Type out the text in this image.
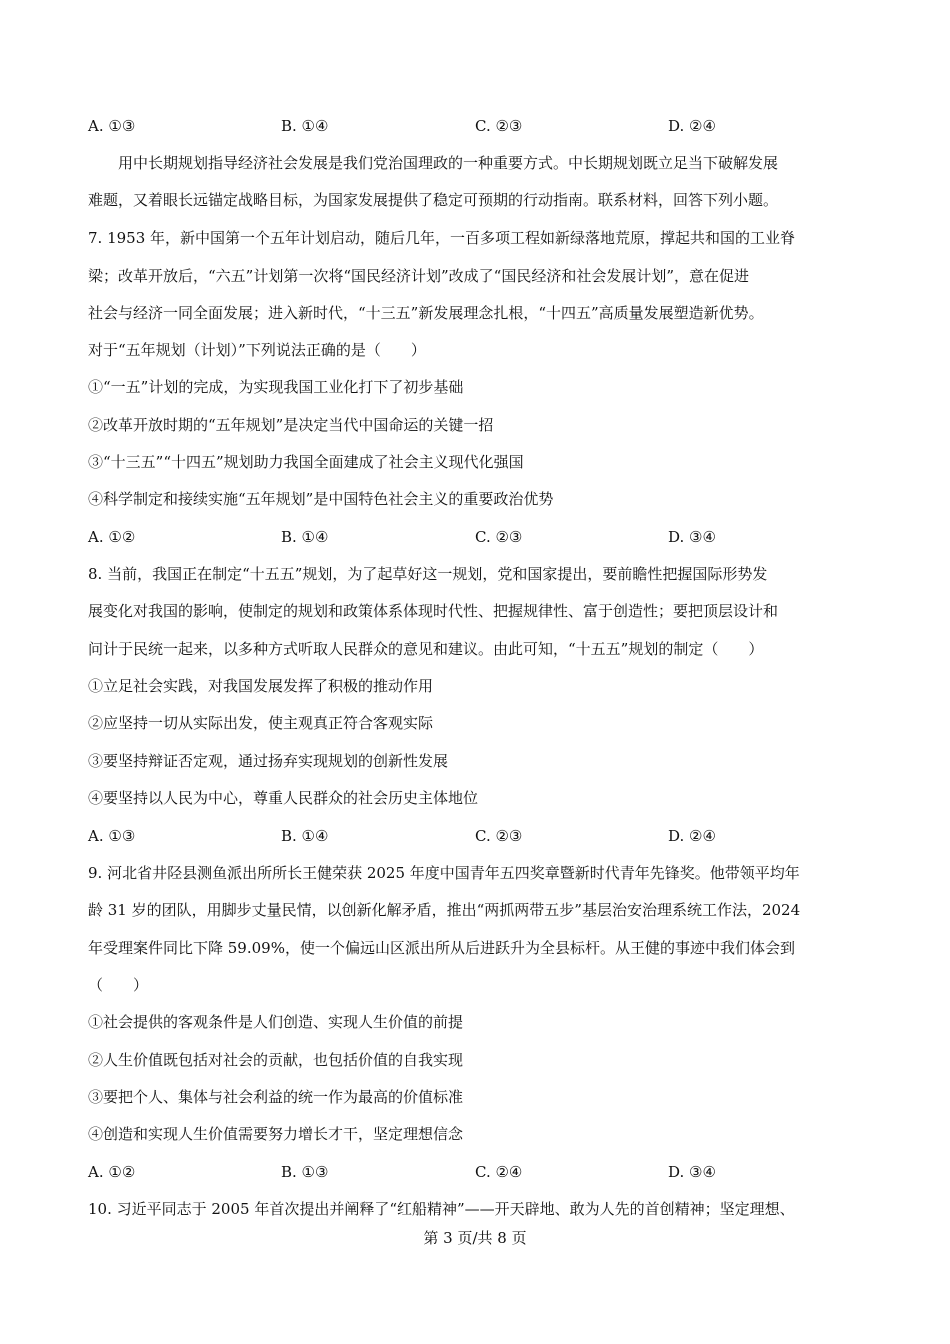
A. ①③	B. ①④	C. ②③	D. ②④
用中长期规划指导经济社会发展是我们党治国理政的一种重要方式。中长期规划既立足当下破解发展
难题，又着眼长远锚定战略目标，为国家发展提供了稳定可预期的行动指南。联系材料，回答下列小题。
7. 1953 年，新中国第一个五年计划启动，随后几年，一百多项工程如新绿落地荒原，撑起共和国的工业脊
梁；改革开放后，“六五”计划第一次将“国民经济计划”改成了“国民经济和社会发展计划”，意在促进
社会与经济一同全面发展；进入新时代，“十三五”新发展理念扎根，“十四五”高质量发展塑造新优势。
对于“五年规划（计划）”下列说法正确的是（　　）
①“一五”计划的完成，为实现我国工业化打下了初步基础
②改革开放时期的“五年规划”是决定当代中国命运的关键一招
③“十三五”“十四五”规划助力我国全面建成了社会主义现代化强国
④科学制定和接续实施“五年规划”是中国特色社会主义的重要政治优势
A. ①②	B. ①④	C. ②③	D. ③④
8. 当前，我国正在制定“十五五”规划，为了起草好这一规划，党和国家提出，要前瞻性把握国际形势发
展变化对我国的影响，使制定的规划和政策体系体现时代性、把握规律性、富于创造性；要把顶层设计和
问计于民统一起来，以多种方式听取人民群众的意见和建议。由此可知，“十五五”规划的制定（　　）
①立足社会实践，对我国发展发挥了积极的推动作用
②应坚持一切从实际出发，使主观真正符合客观实际
③要坚持辩证否定观，通过扬弃实现规划的创新性发展
④要坚持以人民为中心，尊重人民群众的社会历史主体地位
A. ①③	B. ①④	C. ②③	D. ②④
9. 河北省井陉县测鱼派出所所长王健荣获 2025 年度中国青年五四奖章暨新时代青年先锋奖。他带领平均年
龄 31 岁的团队，用脚步丈量民情，以创新化解矛盾，推出“两抓两带五步”基层治安治理系统工作法，2024
年受理案件同比下降 59.09%，使一个偏远山区派出所从后进跃升为全县标杆。从王健的事迹中我们体会到
（　　）
①社会提供的客观条件是人们创造、实现人生价值的前提
②人生价值既包括对社会的贡献，也包括价值的自我实现
③要把个人、集体与社会利益的统一作为最高的价值标准
④创造和实现人生价值需要努力增长才干，坚定理想信念
A. ①②	B. ①③	C. ②④	D. ③④
10. 习近平同志于 2005 年首次提出并阐释了“红船精神”——开天辟地、敢为人先的首创精神；坚定理想、
第 3 页/共 8 页
